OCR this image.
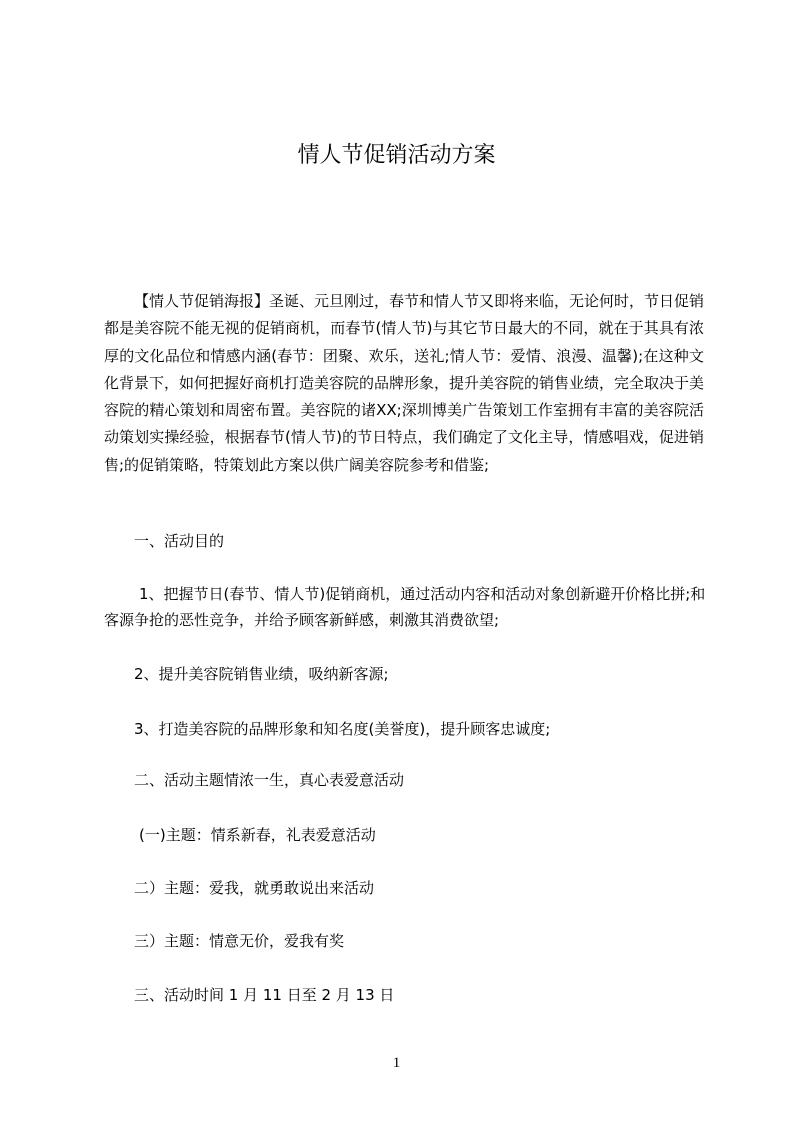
情人节促销活动方案

【情人节促销海报】圣诞、元旦刚过，春节和情人节又即将来临，无论何时，节日促销都是美容院不能无视的促销商机，而春节(情人节)与其它节日最大的不同，就在于其具有浓厚的文化品位和情感内涵(春节：团聚、欢乐，送礼;情人节：爱情、浪漫、温馨);在这种文化背景下，如何把握好商机打造美容院的品牌形象，提升美容院的销售业绩，完全取决于美容院的精心策划和周密布置。美容院的诸XX;深圳博美广告策划工作室拥有丰富的美容院活动策划实操经验，根据春节(情人节)的节日特点，我们确定了文化主导，情感唱戏，促进销售;的促销策略，特策划此方案以供广阔美容院参考和借鉴;

一、活动目的

1、把握节日(春节、情人节)促销商机，通过活动内容和活动对象创新避开价格比拼;和客源争抢的恶性竞争，并给予顾客新鲜感，刺激其消费欲望;

2、提升美容院销售业绩，吸纳新客源;

3、打造美容院的品牌形象和知名度(美誉度)，提升顾客忠诚度;

二、活动主题情浓一生，真心表爱意活动

(一)主题：情系新春，礼表爱意活动

二）主题：爱我，就勇敢说出来活动

三）主题：情意无价，爱我有奖

三、活动时间 1 月 11 日至 2 月 13 日

1
